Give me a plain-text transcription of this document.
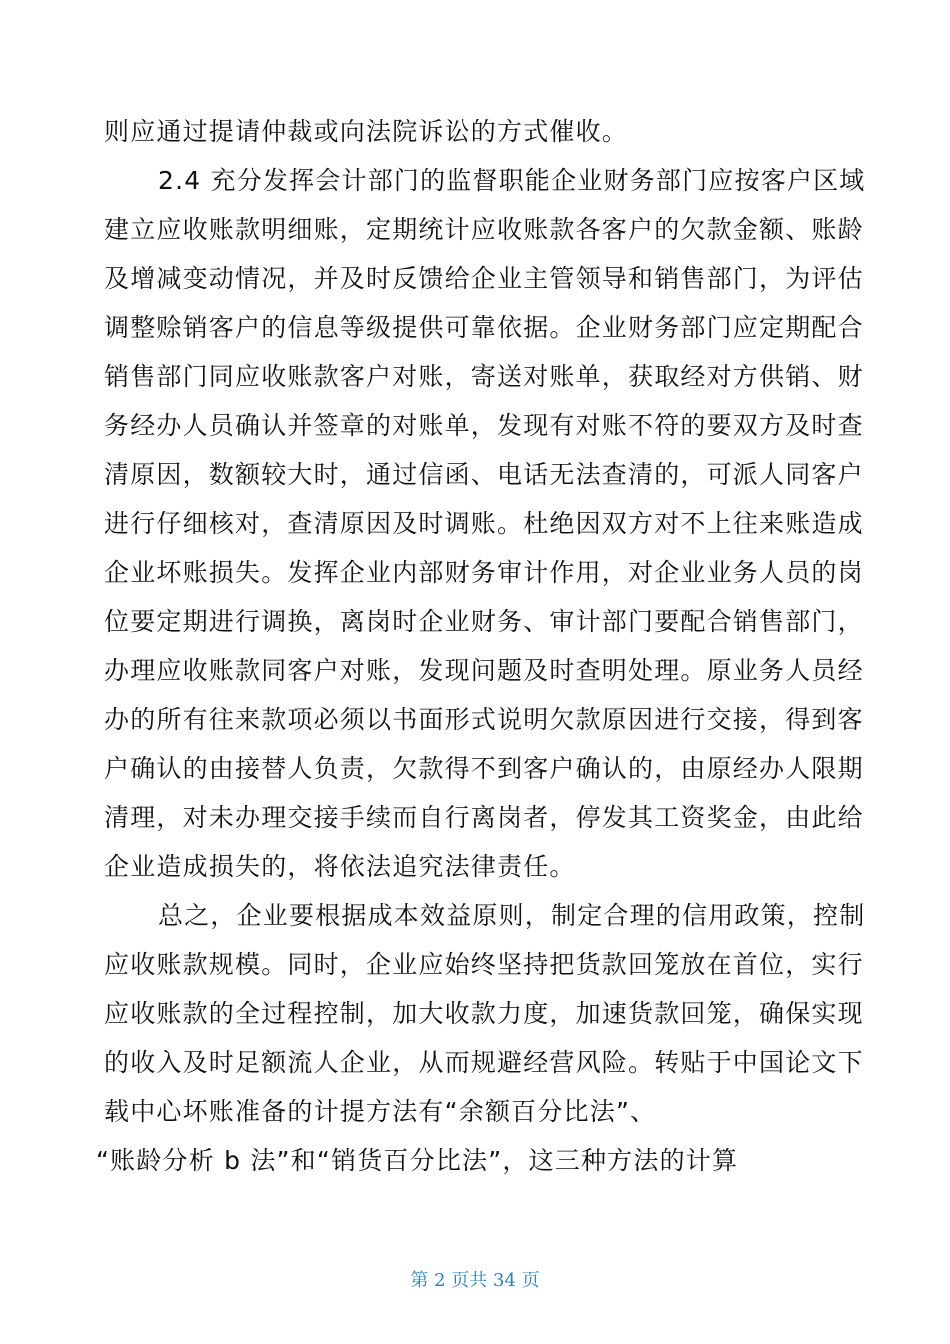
则应通过提请仲裁或向法院诉讼的方式催收。
2.4 充分发挥会计部门的监督职能企业财务部门应按客户区域
建立应收账款明细账，定期统计应收账款各客户的欠款金额、账龄
及增减变动情况，并及时反馈给企业主管领导和销售部门，为评估
调整赊销客户的信息等级提供可靠依据。企业财务部门应定期配合
销售部门同应收账款客户对账，寄送对账单，获取经对方供销、财
务经办人员确认并签章的对账单，发现有对账不符的要双方及时查
清原因，数额较大时，通过信函、电话无法查清的，可派人同客户
进行仔细核对，查清原因及时调账。杜绝因双方对不上往来账造成
企业坏账损失。发挥企业内部财务审计作用，对企业业务人员的岗
位要定期进行调换，离岗时企业财务、审计部门要配合销售部门，
办理应收账款同客户对账，发现问题及时查明处理。原业务人员经
办的所有往来款项必须以书面形式说明欠款原因进行交接，得到客
户确认的由接替人负责，欠款得不到客户确认的，由原经办人限期
清理，对未办理交接手续而自行离岗者，停发其工资奖金，由此给
企业造成损失的，将依法追究法律责任。
总之，企业要根据成本效益原则，制定合理的信用政策，控制
应收账款规模。同时，企业应始终坚持把货款回笼放在首位，实行
应收账款的全过程控制，加大收款力度，加速货款回笼，确保实现
的收入及时足额流人企业，从而规避经营风险。转贴于中国论文下
载中心坏账准备的计提方法有“余额百分比法”、
“账龄分析 b 法”和“销货百分比法”，这三种方法的计算
第 2 页共 34 页
